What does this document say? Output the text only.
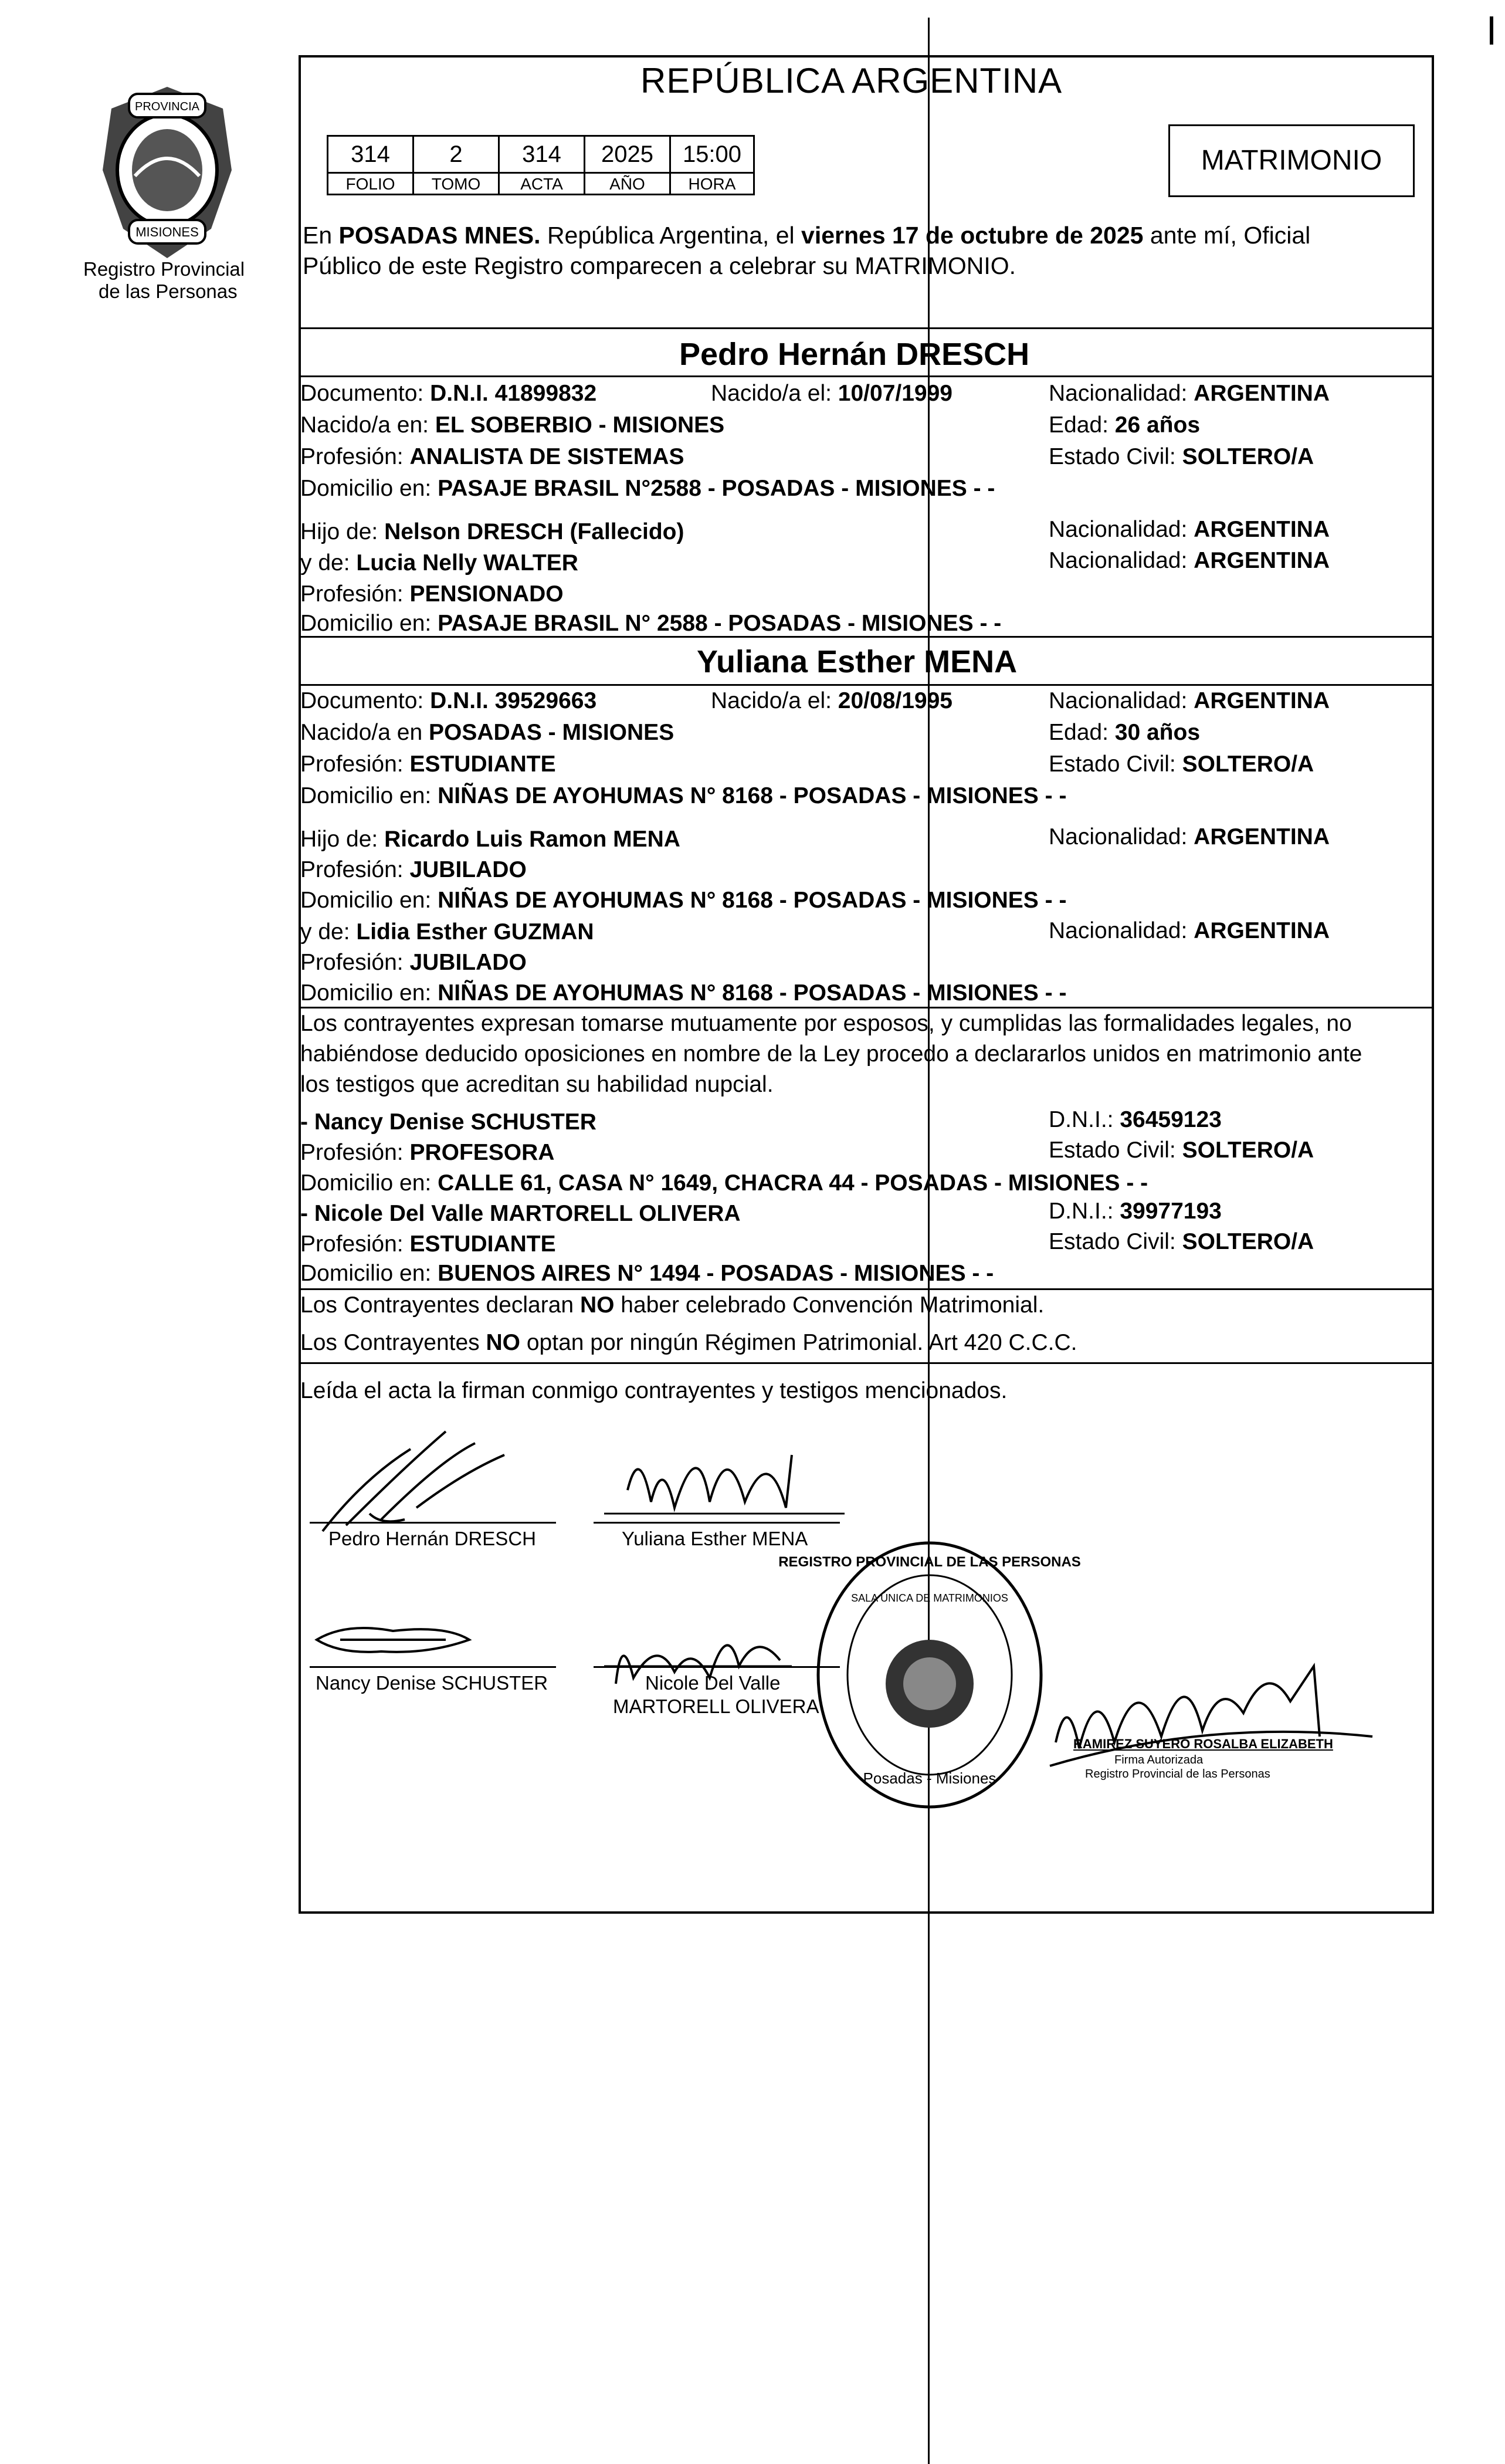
PROVINCIA
MISIONES
Registro Provincial
de las Personas
REPÚBLICA ARGENTINA
314	2	314	2025	15:00
FOLIO	TOMO	ACTA	AÑO	HORA
MATRIMONIO
En POSADAS MNES. República Argentina, el viernes 17 de octubre de 2025 ante mí, Oficial
Público de este Registro comparecen a celebrar su MATRIMONIO.
Pedro Hernán DRESCH
Documento: D.N.I. 41899832	Nacido/a el: 10/07/1999	Nacionalidad: ARGENTINA
Nacido/a en: EL SOBERBIO - MISIONES	Edad: 26 años
Profesión: ANALISTA DE SISTEMAS	Estado Civil: SOLTERO/A
Domicilio en: PASAJE BRASIL N°2588 - POSADAS - MISIONES - -
Hijo de: Nelson DRESCH (Fallecido)	Nacionalidad: ARGENTINA
y de: Lucia Nelly WALTER	Nacionalidad: ARGENTINA
Profesión: PENSIONADO
Domicilio en: PASAJE BRASIL N° 2588 - POSADAS - MISIONES - -
Yuliana Esther MENA
Documento: D.N.I. 39529663	Nacido/a el: 20/08/1995	Nacionalidad: ARGENTINA
Nacido/a en POSADAS - MISIONES	Edad: 30 años
Profesión: ESTUDIANTE	Estado Civil: SOLTERO/A
Domicilio en: NIÑAS DE AYOHUMAS N° 8168 - POSADAS - MISIONES - -
Hijo de: Ricardo Luis Ramon MENA	Nacionalidad: ARGENTINA
Profesión: JUBILADO
Domicilio en: NIÑAS DE AYOHUMAS N° 8168 - POSADAS - MISIONES - -
y de: Lidia Esther GUZMAN	Nacionalidad: ARGENTINA
Profesión: JUBILADO
Domicilio en: NIÑAS DE AYOHUMAS N° 8168 - POSADAS - MISIONES - -
Los contrayentes expresan tomarse mutuamente por esposos, y cumplidas las formalidades legales, no
habiéndose deducido oposiciones en nombre de la Ley procedo a declararlos unidos en matrimonio ante
los testigos que acreditan su habilidad nupcial.
- Nancy Denise SCHUSTER	D.N.I.: 36459123
Profesión: PROFESORA	Estado Civil: SOLTERO/A
Domicilio en: CALLE 61, CASA N° 1649, CHACRA 44 - POSADAS - MISIONES - -
- Nicole Del Valle MARTORELL OLIVERA	D.N.I.: 39977193
Profesión: ESTUDIANTE	Estado Civil: SOLTERO/A
Domicilio en: BUENOS AIRES N° 1494 - POSADAS - MISIONES - -
Los Contrayentes declaran NO haber celebrado Convención Matrimonial.
Los Contrayentes NO optan por ningún Régimen Patrimonial. Art 420 C.C.C.
Leída el acta la firman conmigo contrayentes y testigos mencionados.
Pedro Hernán DRESCH	Yuliana Esther MENA
Nancy Denise SCHUSTER	Nicole Del Valle
MARTORELL OLIVERA
REGISTRO PROVINCIAL DE LAS PERSONAS
SALA ÚNICA DE MATRIMONIOS
Posadas - Misiones
RAMIREZ SUYERO ROSALBA ELIZABETH
Firma Autorizada
Registro Provincial de las Personas
